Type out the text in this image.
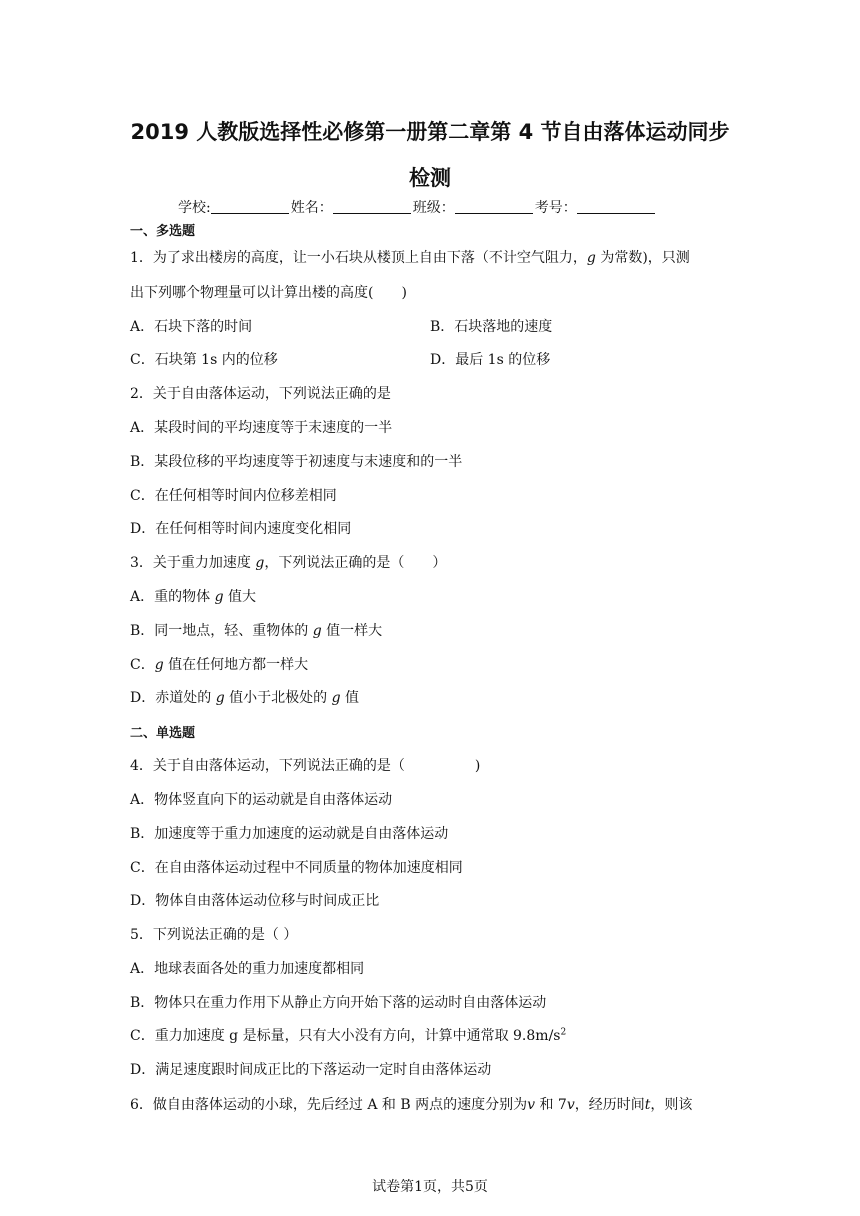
2019 人教版选择性必修第一册第二章第 4 节自由落体运动同步
检测
学校:	姓名：	班级：	考号：
一、多选题
1．为了求出楼房的高度，让一小石块从楼顶上自由下落（不计空气阻力，g 为常数)，只测
出下列哪个物理量可以计算出楼的高度(　　)
A．石块下落的时间	B．石块落地的速度
C．石块第 1s 内的位移	D．最后 1s 的位移
2．关于自由落体运动，下列说法正确的是
A．某段时间的平均速度等于末速度的一半
B．某段位移的平均速度等于初速度与末速度和的一半
C．在任何相等时间内位移差相同
D．在任何相等时间内速度变化相同
3．关于重力加速度 g，下列说法正确的是（　　）
A．重的物体 g 值大
B．同一地点，轻、重物体的 g 值一样大
C．g 值在任何地方都一样大
D．赤道处的 g 值小于北极处的 g 值
二、单选题
4．关于自由落体运动，下列说法正确的是（　　　　　)
A．物体竖直向下的运动就是自由落体运动
B．加速度等于重力加速度的运动就是自由落体运动
C．在自由落体运动过程中不同质量的物体加速度相同
D．物体自由落体运动位移与时间成正比
5．下列说法正确的是（ ）
A．地球表面各处的重力加速度都相同
B．物体只在重力作用下从静止方向开始下落的运动时自由落体运动
C．重力加速度 g 是标量，只有大小没有方向，计算中通常取 $9.8m/s^2$
D．满足速度跟时间成正比的下落运动一定时自由落体运动
6．做自由落体运动的小球，先后经过 A 和 B 两点的速度分别为v 和 7v，经历时间t，则该
试卷第1页，共5页
